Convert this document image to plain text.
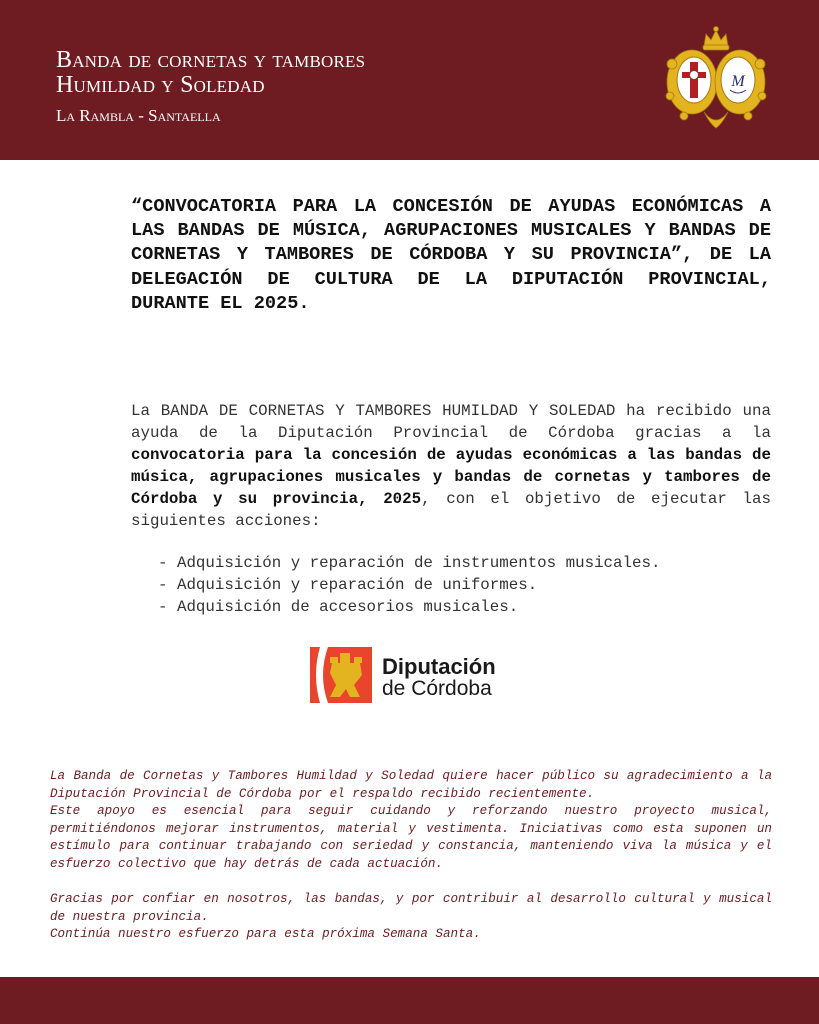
Banda de cornetas y tambores
Humildad y Soledad
La Rambla - Santaella
M
“CONVOCATORIA PARA LA CONCESIÓN DE AYUDAS ECONÓMICAS A LAS BANDAS DE MÚSICA, AGRUPACIONES MUSICALES Y BANDAS DE CORNETAS Y TAMBORES DE CÓRDOBA Y SU PROVINCIA”, DE LA DELEGACIÓN DE CULTURA DE LA DIPUTACIÓN PROVINCIAL, DURANTE EL 2025.
La BANDA DE CORNETAS Y TAMBORES HUMILDAD Y SOLEDAD ha recibido una ayuda de la Diputación Provincial de Córdoba gracias a la convocatoria para la concesión de ayudas económicas a las bandas de música, agrupaciones musicales y bandas de cornetas y tambores de Córdoba y su provincia, 2025, con el objetivo de ejecutar las siguientes acciones:
- Adquisición y reparación de instrumentos musicales.
- Adquisición y reparación de uniformes.
- Adquisición de accesorios musicales.
Diputación
de Córdoba

La Banda de Cornetas y Tambores Humildad y Soledad quiere hacer público su agradecimiento a la Diputación Provincial de Córdoba por el respaldo recibido recientemente.

Este apoyo es esencial para seguir cuidando y reforzando nuestro proyecto musical, permitiéndonos mejorar instrumentos, material y vestimenta. Iniciativas como esta suponen un estímulo para continuar trabajando con seriedad y constancia, manteniendo viva la música y el esfuerzo colectivo que hay detrás de cada actuación.

Gracias por confiar en nosotros, las bandas, y por contribuir al desarrollo cultural y musical de nuestra provincia.

Continúa nuestro esfuerzo para esta próxima Semana Santa.
